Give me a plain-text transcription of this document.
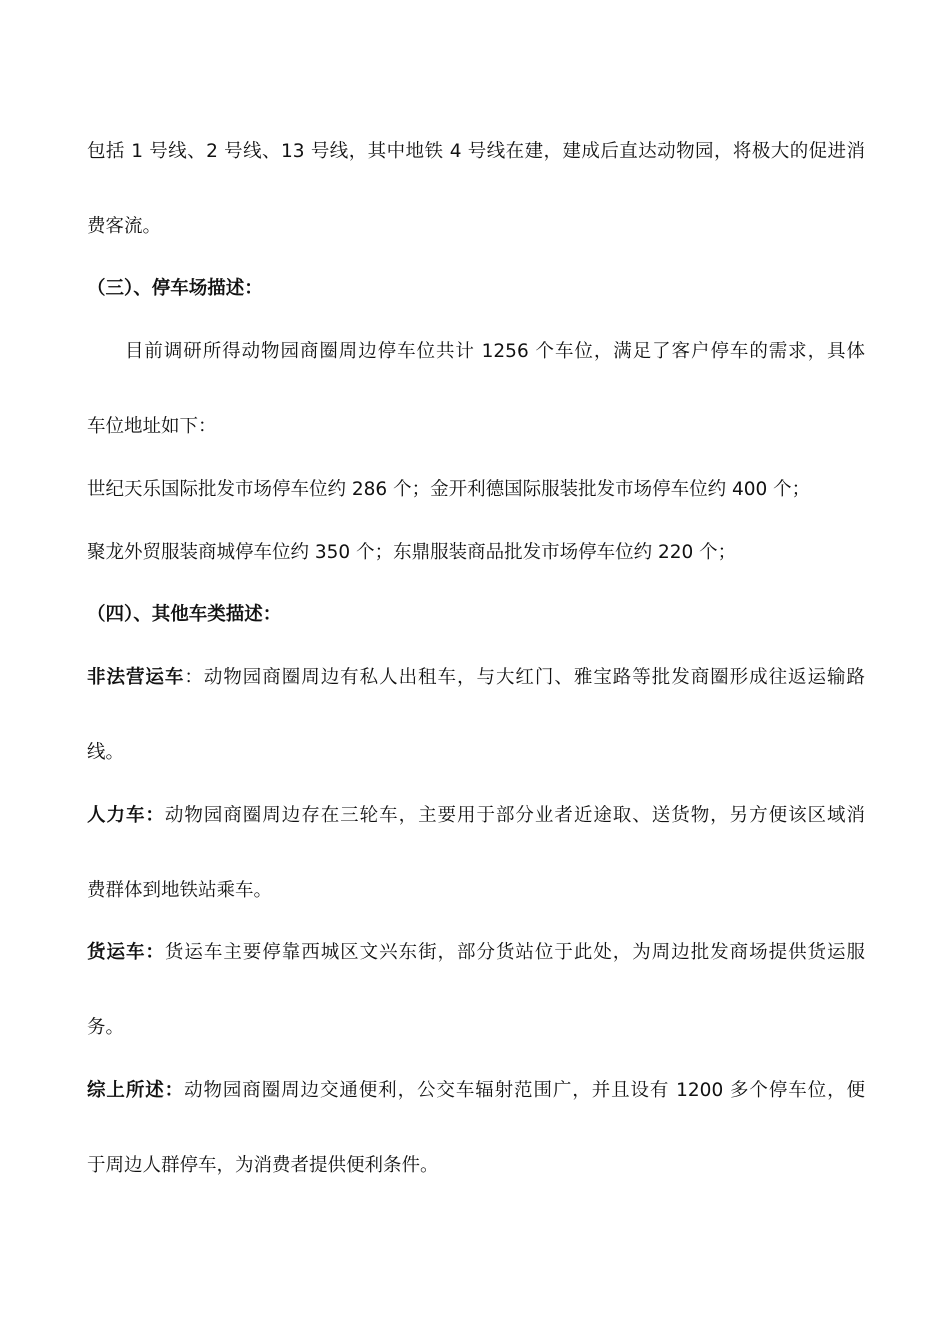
包括 1 号线、2 号线、13 号线，其中地铁 4 号线在建，建成后直达动物园，将极大的促进消
费客流。
（三）、停车场描述：
目前调研所得动物园商圈周边停车位共计 1256 个车位，满足了客户停车的需求，具体
车位地址如下：
世纪天乐国际批发市场停车位约 286 个；金开利德国际服装批发市场停车位约 400 个；
聚龙外贸服装商城停车位约 350 个；东鼎服装商品批发市场停车位约 220 个；
（四）、其他车类描述：
非法营运车：动物园商圈周边有私人出租车，与大红门、雅宝路等批发商圈形成往返运输路
线。
人力车：动物园商圈周边存在三轮车，主要用于部分业者近途取、送货物，另方便该区域消
费群体到地铁站乘车。
货运车：货运车主要停靠西城区文兴东街，部分货站位于此处，为周边批发商场提供货运服
务。
综上所述：动物园商圈周边交通便利，公交车辐射范围广，并且设有 1200 多个停车位，便
于周边人群停车，为消费者提供便利条件。
